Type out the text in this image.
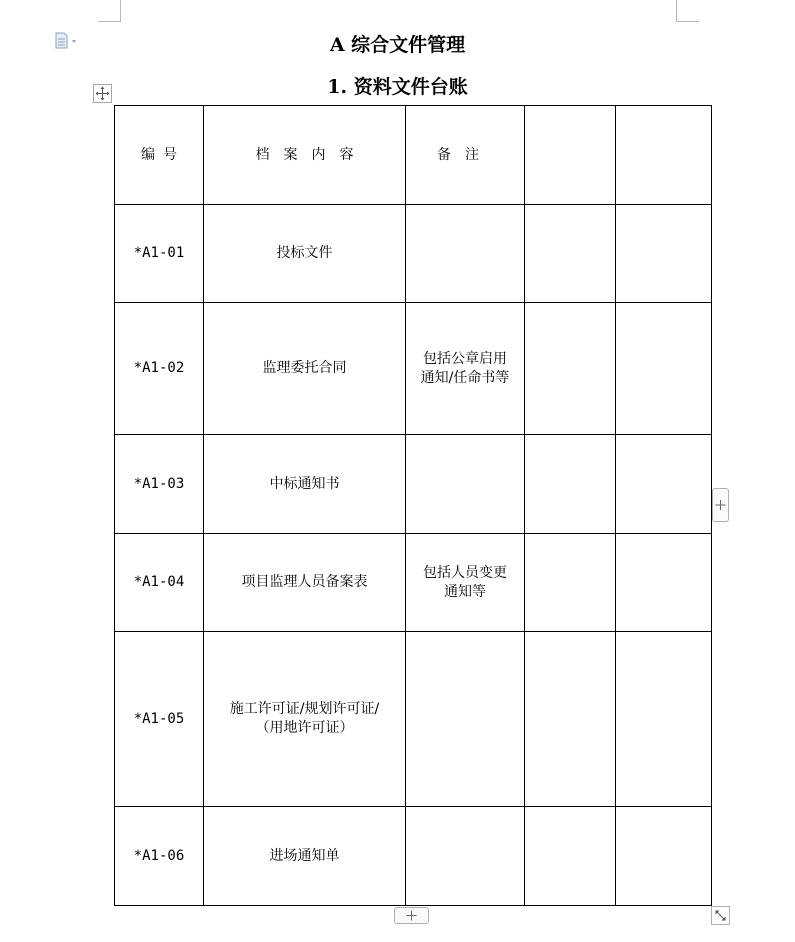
A 综合文件管理
1. 资料文件台账
编号	档案内容	备注		
*A1-01	投标文件			
*A1-02	监理委托合同	包括公章启用
通知/任命书等		

*A1-03	中标通知书			
*A1-04	项目监理人员备案表	包括人员变更
通知等		

*A1-05	施工许可证/规划许可证/
（用地许可证）			

*A1-06	进场通知单			
